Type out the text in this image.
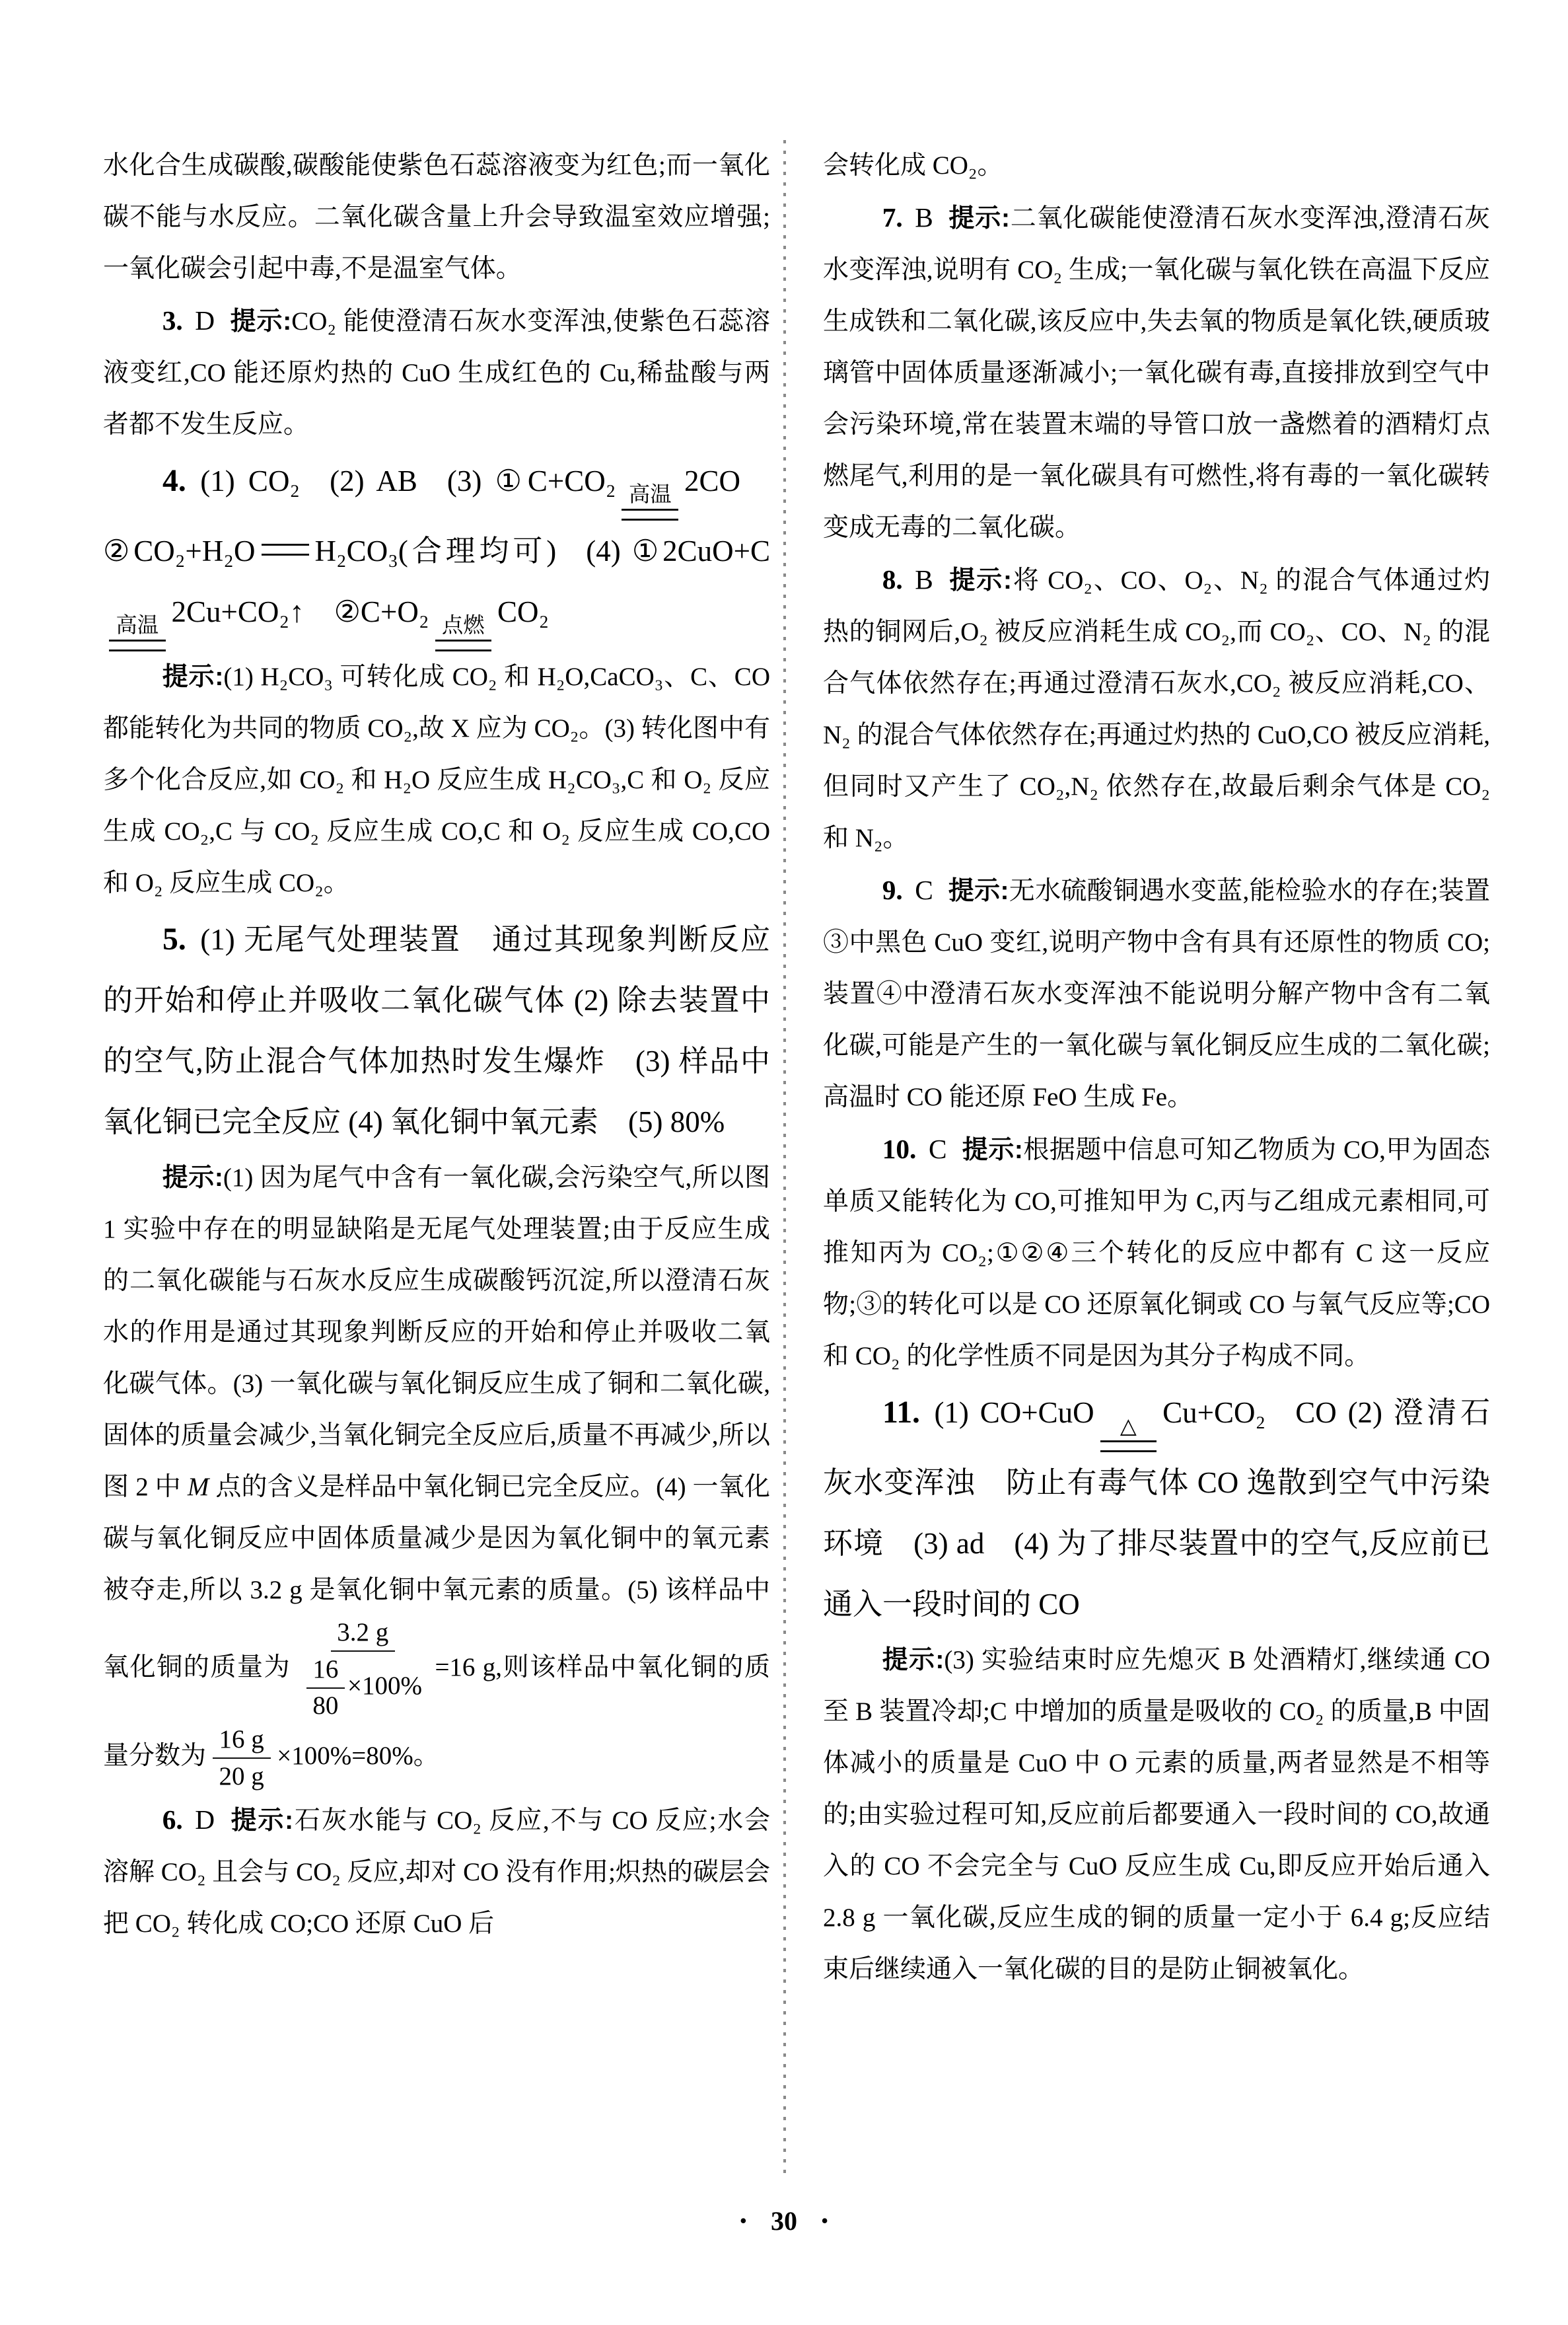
水化合生成碳酸,碳酸能使紫色石蕊溶液变为红色;而一氧化碳不能与水反应。二氧化碳含量上升会导致温室效应增强;一氧化碳会引起中毒,不是温室气体。

3. D 提示:CO₂ 能使澄清石灰水变浑浊,使紫色石蕊溶液变红,CO 能还原灼热的 CuO 生成红色的 Cu,稀盐酸与两者都不发生反应。

4. (1) CO₂ (2) AB (3) ①C+CO₂ 高温 2CO ②CO₂+H₂O H₂CO₃(合理均可) (4) ①2CuO+C
高温 2Cu+CO₂↑ ②C+O₂ 点燃 CO₂

提示:(1) H₂CO₃ 可转化成 CO₂ 和 H₂O,CaCO₃、C、CO 都能转化为共同的物质 CO₂,故 X 应为 CO₂。(3) 转化图中有多个化合反应,如 CO₂ 和 H₂O 反应生成 H₂CO₃,C 和 O₂ 反应生成 CO₂,C 与 CO₂ 反应生成 CO,C 和 O₂ 反应生成 CO,CO 和 O₂ 反应生成 CO₂。

5. (1) 无尾气处理装置 通过其现象判断反应的开始和停止并吸收二氧化碳气体 (2) 除去装置中的空气,防止混合气体加热时发生爆炸 (3) 样品中氧化铜已完全反应 (4) 氧化铜中氧元素 (5) 80%

提示:(1) 因为尾气中含有一氧化碳,会污染空气,所以图 1 实验中存在的明显缺陷是无尾气处理装置;由于反应生成的二氧化碳能与石灰水反应生成碳酸钙沉淀,所以澄清石灰水的作用是通过其现象判断反应的开始和停止并吸收二氧化碳气体。(3) 一氧化碳与氧化铜反应生成了铜和二氧化碳,固体的质量会减少,当氧化铜完全反应后,质量不再减少,所以图 2 中 M 点的含义是样品中氧化铜已完全反应。(4) 一氧化碳与氧化铜反应中固体质量减少是因为氧化铜中的氧元素被夺走,所以 3.2 g 是氧化铜中氧元素的质量。(5) 该样品中氧化铜的质量为 $\frac{3.2 g}{\frac{16}{80} \times 100\%} =16$ g,则该样品中氧化铜的质量分数为 $\frac{16 g}{20 g} \times 100\%=80\%$。

6. D 提示:石灰水能与 CO₂ 反应,不与 CO 反应;水会溶解 CO₂ 且会与 CO₂ 反应,却对 CO 没有作用;炽热的碳层会把 CO₂ 转化成 CO;CO 还原 CuO 后

会转化成 CO₂。

7. B 提示:二氧化碳能使澄清石灰水变浑浊,澄清石灰水变浑浊,说明有 CO₂ 生成;一氧化碳与氧化铁在高温下反应生成铁和二氧化碳,该反应中,失去氧的物质是氧化铁,硬质玻璃管中固体质量逐渐减小;一氧化碳有毒,直接排放到空气中会污染环境,常在装置末端的导管口放一盏燃着的酒精灯点燃尾气,利用的是一氧化碳具有可燃性,将有毒的一氧化碳转变成无毒的二氧化碳。

8. B 提示:将 CO₂、CO、O₂、N₂ 的混合气体通过灼热的铜网后,O₂ 被反应消耗生成 CO₂,而 CO₂、CO、N₂ 的混合气体依然存在;再通过澄清石灰水,CO₂ 被反应消耗,CO、N₂ 的混合气体依然存在;再通过灼热的 CuO,CO 被反应消耗,但同时又产生了 CO₂,N₂ 依然存在,故最后剩余气体是 CO₂ 和 N₂。

9. C 提示:无水硫酸铜遇水变蓝,能检验水的存在;装置③中黑色 CuO 变红,说明产物中含有具有还原性的物质 CO;装置④中澄清石灰水变浑浊不能说明分解产物中含有二氧化碳,可能是产生的一氧化碳与氧化铜反应生成的二氧化碳;高温时 CO 能还原 FeO 生成 Fe。

10. C 提示:根据题中信息可知乙物质为 CO,甲为固态单质又能转化为 CO,可推知甲为 C,丙与乙组成元素相同,可推知丙为 CO₂;①②④三个转化的反应中都有 C 这一反应物;③的转化可以是 CO 还原氧化铜或 CO 与氧气反应等;CO 和 CO₂ 的化学性质不同是因为其分子构成不同。

11. (1) CO+CuO △ Cu+CO₂ CO (2) 澄清石灰水变浑浊 防止有毒气体 CO 逸散到空气中污染环境 (3) ad (4) 为了排尽装置中的空气,反应前已通入一段时间的 CO

提示:(3) 实验结束时应先熄灭 B 处酒精灯,继续通 CO 至 B 装置冷却;C 中增加的质量是吸收的 CO₂ 的质量,B 中固体减小的质量是 CuO 中 O 元素的质量,两者显然是不相等的;由实验过程可知,反应前后都要通入一段时间的 CO,故通入的 CO 不会完全与 CuO 反应生成 Cu,即反应开始后通入 2.8 g 一氧化碳,反应生成的铜的质量一定小于 6.4 g;反应结束后继续通入一氧化碳的目的是防止铜被氧化。

• 30 •
